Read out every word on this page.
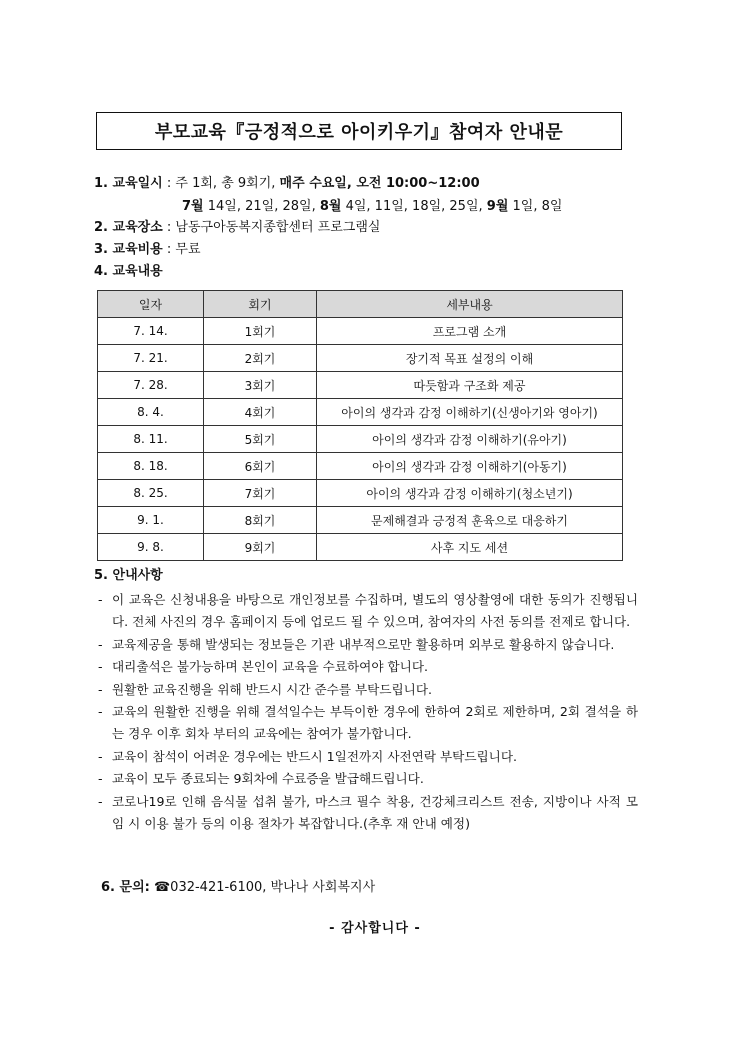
부모교육『긍정적으로 아이키우기』참여자 안내문
1. 교육일시 : 주 1회, 총 9회기, 매주 수요일, 오전 10:00~12:00
7월 14일, 21일, 28일, 8월 4일, 11일, 18일, 25일, 9월 1일, 8일
2. 교육장소 : 남동구아동복지종합센터 프로그램실
3. 교육비용 : 무료
4. 교육내용
일자	회기	세부내용
7. 14.	1회기	프로그램 소개
7. 21.	2회기	장기적 목표 설정의 이해
7. 28.	3회기	따듯함과 구조화 제공
8. 4.	4회기	아이의 생각과 감정 이해하기(신생아기와 영아기)
8. 11.	5회기	아이의 생각과 감정 이해하기(유아기)
8. 18.	6회기	아이의 생각과 감정 이해하기(아동기)
8. 25.	7회기	아이의 생각과 감정 이해하기(청소년기)
9. 1.	8회기	문제해결과 긍정적 훈육으로 대응하기
9. 8.	9회기	사후 지도 세션
5. 안내사항
- 이 교육은 신청내용을 바탕으로 개인정보를 수집하며, 별도의 영상촬영에 대한 동의가 진행됩니다. 전체 사진의 경우 홈페이지 등에 업로드 될 수 있으며, 참여자의 사전 동의를 전제로 합니다.
- 교육제공을 통해 발생되는 정보들은 기관 내부적으로만 활용하며 외부로 활용하지 않습니다.
- 대리출석은 불가능하며 본인이 교육을 수료하여야 합니다.
- 원활한 교육진행을 위해 반드시 시간 준수를 부탁드립니다.
- 교육의 원활한 진행을 위해 결석일수는 부득이한 경우에 한하여 2회로 제한하며, 2회 결석을 하는 경우 이후 회차 부터의 교육에는 참여가 불가합니다.
- 교육이 참석이 어려운 경우에는 반드시 1일전까지 사전연락 부탁드립니다.
- 교육이 모두 종료되는 9회차에 수료증을 발급해드립니다.
- 코로나19로 인해 음식물 섭취 불가, 마스크 필수 착용, 건강체크리스트 전송, 지방이나 사적 모임 시 이용 불가 등의 이용 절차가 복잡합니다.(추후 재 안내 예정)
6. 문의: ☎032-421-6100, 박나나 사회복지사
- 감사합니다 -
